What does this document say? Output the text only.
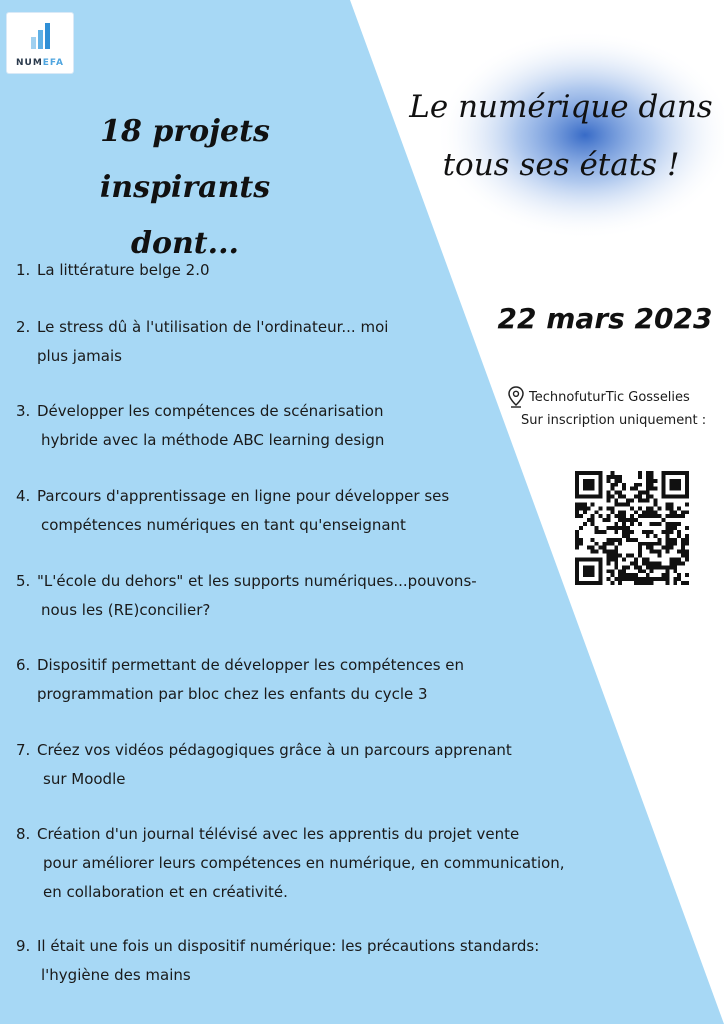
NUMEFA
18 projets inspirants
dont...
Le numérique dans
tous ses états !
22 mars 2023
TechnofuturTic Gosselies
Sur inscription uniquement :
1. La littérature belge 2.0
2. Le stress dû à l'utilisation de l'ordinateur... moi
plus jamais
3. Développer les compétences de scénarisation
hybride avec la méthode ABC learning design
4. Parcours d'apprentissage en ligne pour développer ses
compétences numériques en tant qu'enseignant
5. "L'école du dehors" et les supports numériques...pouvons-
nous les (RE)concilier?
6. Dispositif permettant de développer les compétences en
programmation par bloc chez les enfants du cycle 3
7. Créez vos vidéos pédagogiques grâce à un parcours apprenant
sur Moodle
8. Création d'un journal télévisé avec les apprentis du projet vente
pour améliorer leurs compétences en numérique, en communication,
en collaboration et en créativité.
9. Il était une fois un dispositif numérique: les précautions standards:
l'hygiène des mains
